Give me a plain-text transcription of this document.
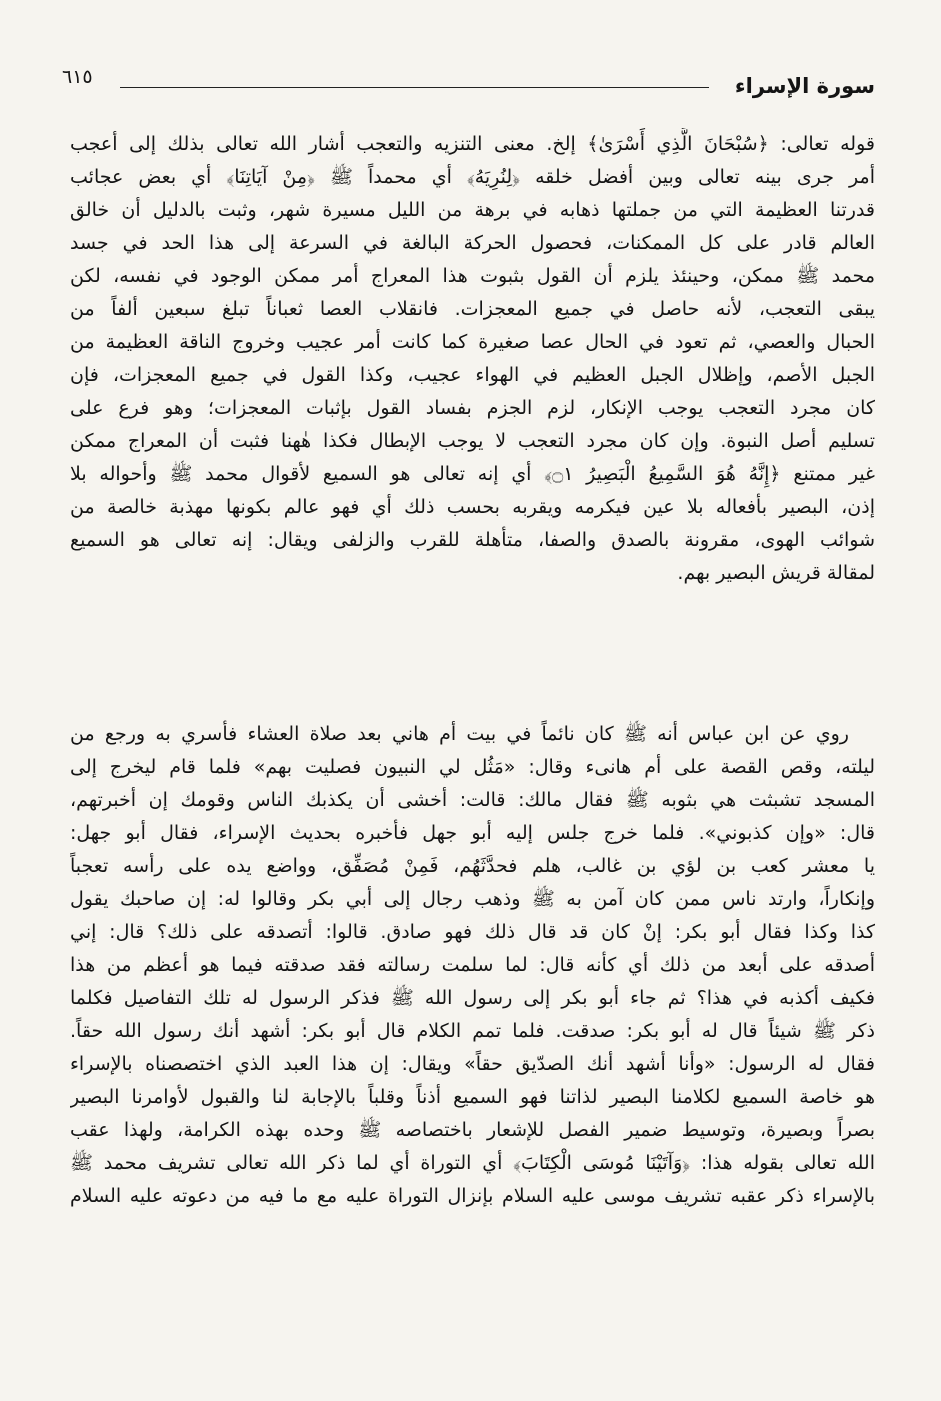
سورة الإسراء
٦١٥
قوله تعالى: ﴿سُبْحَانَ الَّذِي أَسْرَىٰ﴾ إلخ. معنى التنزيه والتعجب أشار الله تعالى بذلك إلى أعجب
أمر جرى بينه تعالى وبين أفضل خلقه ﴿لِنُرِيَهُ﴾ أي محمداً ﷺ ﴿مِنْ آيَاتِنَا﴾ أي بعض عجائب
قدرتنا العظيمة التي من جملتها ذهابه في برهة من الليل مسيرة شهر، وثبت بالدليل أن خالق
العالم قادر على كل الممكنات، فحصول الحركة البالغة في السرعة إلى هذا الحد في جسد
محمد ﷺ ممكن، وحينئذ يلزم أن القول بثبوت هذا المعراج أمر ممكن الوجود في نفسه، لكن
يبقى التعجب، لأنه حاصل في جميع المعجزات. فانقلاب العصا ثعباناً تبلغ سبعين ألفاً من
الحبال والعصي، ثم تعود في الحال عصا صغيرة كما كانت أمر عجيب وخروج الناقة العظيمة من
الجبل الأصم، وإظلال الجبل العظيم في الهواء عجيب، وكذا القول في جميع المعجزات، فإن
كان مجرد التعجب يوجب الإنكار، لزم الجزم بفساد القول بإثبات المعجزات؛ وهو فرع على
تسليم أصل النبوة. وإن كان مجرد التعجب لا يوجب الإبطال فكذا هٰهنا فثبت أن المعراج ممكن
غير ممتنع ﴿إِنَّهُ هُوَ السَّمِيعُ الْبَصِيرُ ۝١﴾ أي إنه تعالى هو السميع لأقوال محمد ﷺ وأحواله بلا
إذن، البصير بأفعاله بلا عين فيكرمه ويقربه بحسب ذلك أي فهو عالم بكونها مهذبة خالصة من
شوائب الهوى، مقرونة بالصدق والصفا، متأهلة للقرب والزلفى ويقال: إنه تعالى هو السميع
لمقالة قريش البصير بهم.
روي عن ابن عباس أنه ﷺ كان نائماً في بيت أم هاني بعد صلاة العشاء فأسري به ورجع من
ليلته، وقص القصة على أم هانىء وقال: «مَثُل لي النبيون فصليت بهم» فلما قام ليخرج إلى
المسجد تشبثت هي بثوبه ﷺ فقال مالك: قالت: أخشى أن يكذبك الناس وقومك إن أخبرتهم،
قال: «وإن كذبوني». فلما خرج جلس إليه أبو جهل فأخبره بحديث الإسراء، فقال أبو جهل:
يا معشر كعب بن لؤي بن غالب، هلم فحدَّثَهُم، فَمِنْ مُصَفِّق، وواضع يده على رأسه تعجباً
وإنكاراً، وارتد ناس ممن كان آمن به ﷺ وذهب رجال إلى أبي بكر وقالوا له: إن صاحبك يقول
كذا وكذا فقال أبو بكر: إنْ كان قد قال ذلك فهو صادق. قالوا: أتصدقه على ذلك؟ قال: إني
أصدقه على أبعد من ذلك أي كأنه قال: لما سلمت رسالته فقد صدقته فيما هو أعظم من هذا
فكيف أكذبه في هذا؟ ثم جاء أبو بكر إلى رسول الله ﷺ فذكر الرسول له تلك التفاصيل فكلما
ذكر ﷺ شيئاً قال له أبو بكر: صدقت. فلما تمم الكلام قال أبو بكر: أشهد أنك رسول الله حقاً.
فقال له الرسول: «وأنا أشهد أنك الصدّيق حقاً» ويقال: إن هذا العبد الذي اختصصناه بالإسراء
هو خاصة السميع لكلامنا البصير لذاتنا فهو السميع أذناً وقلباً بالإجابة لنا والقبول لأوامرنا البصير
بصراً وبصيرة، وتوسيط ضمير الفصل للإشعار باختصاصه ﷺ وحده بهذه الكرامة، ولهذا عقب
الله تعالى بقوله هذا: ﴿وَآتَيْنَا مُوسَى الْكِتَابَ﴾ أي التوراة أي لما ذكر الله تعالى تشريف محمد ﷺ
بالإسراء ذكر عقبه تشريف موسى عليه السلام بإنزال التوراة عليه مع ما فيه من دعوته عليه السلام
